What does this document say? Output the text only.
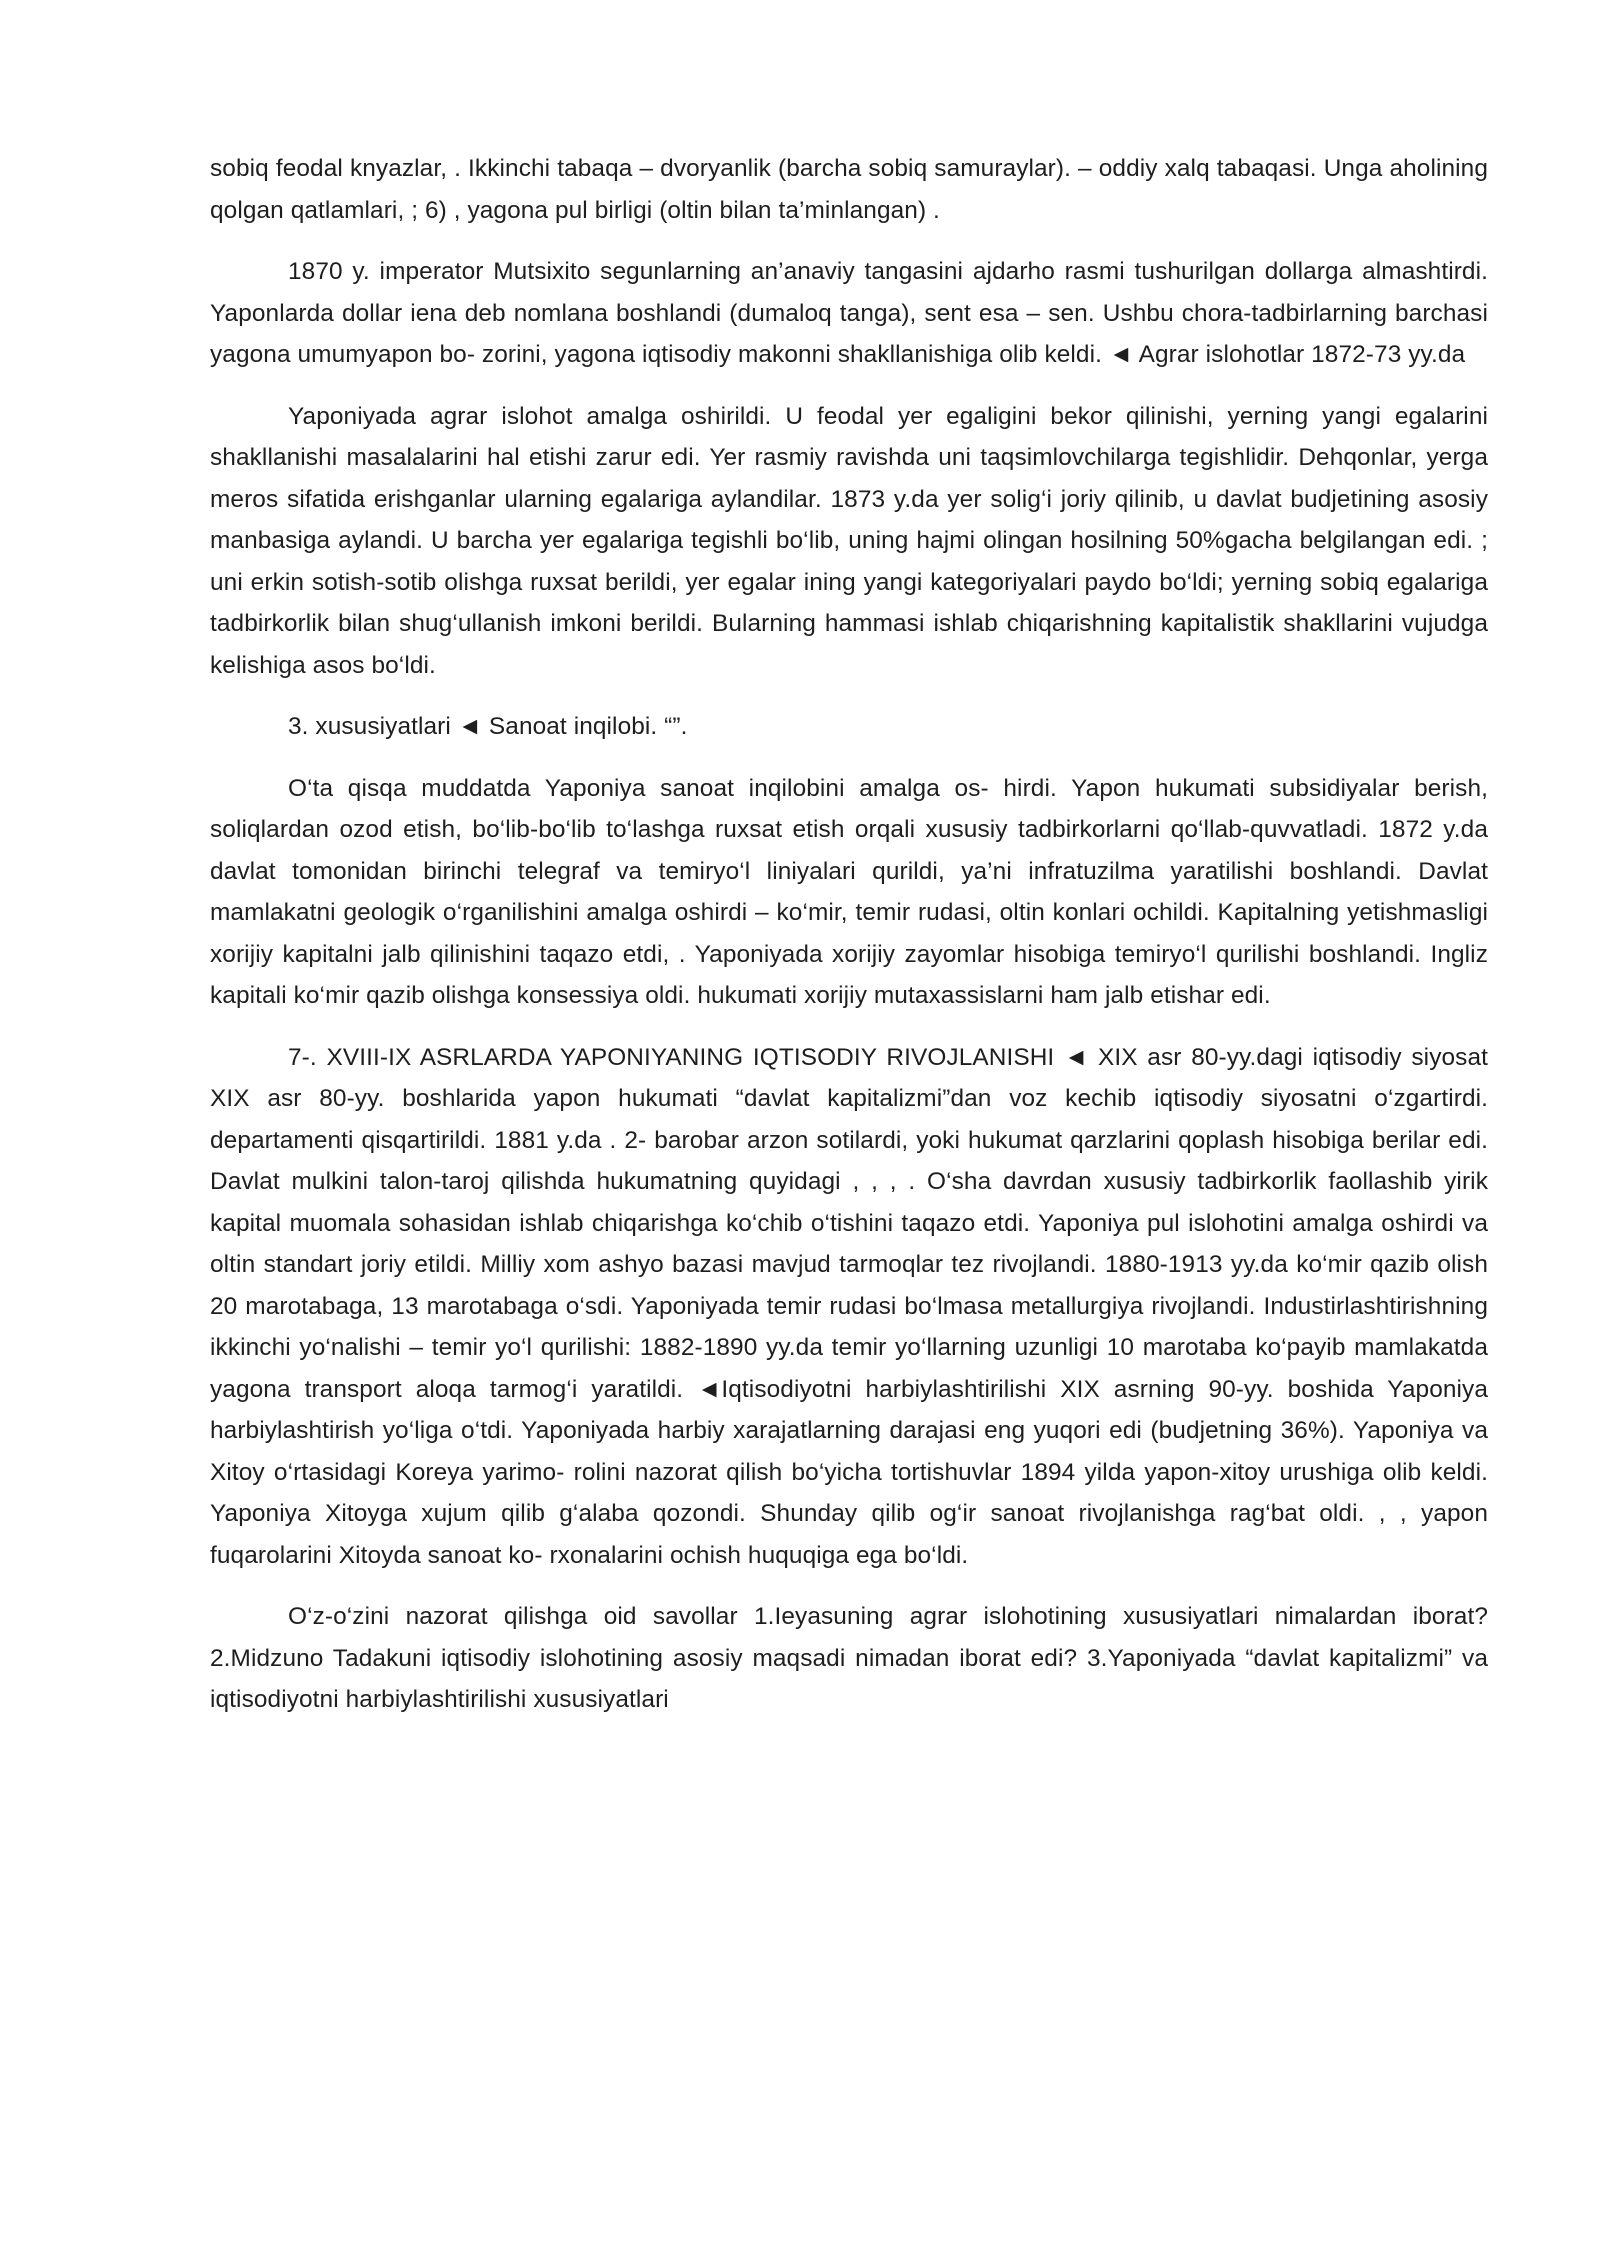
sobiq feodal knyazlar, . Ikkinchi tabaqa – dvoryanlik (barcha sobiq samuraylar). – oddiy xalq tabaqasi. Unga aholining qolgan qatlamlari, ; 6) , yagona pul birligi (oltin bilan ta’minlangan) .

1870 y. imperator Mutsixito segunlarning an’anaviy tangasini ajdarho rasmi tushurilgan dollarga almashtirdi. Yaponlarda dollar iena deb nomlana boshlandi (dumaloq tanga), sent esa – sen. Ushbu chora-tadbirlarning barchasi yagona umumyapon bo- zorini, yagona iqtisodiy makonni shakllanishiga olib keldi. ◄ Agrar islohotlar 1872-73 yy.da

Yaponiyada agrar islohot amalga oshirildi. U feodal yer egaligini bekor qilinishi, yerning yangi egalarini shakllanishi masalalarini hal etishi zarur edi. Yer rasmiy ravishda uni taqsimlovchilarga tegishlidir. Dehqonlar, yerga meros sifatida erishganlar ularning egalariga aylandilar. 1873 y.da yer solig‘i joriy qilinib, u davlat budjetining asosiy manbasiga aylandi. U barcha yer egalariga tegishli bo‘lib, uning hajmi olingan hosilning 50%gacha belgilangan edi. ; uni erkin sotish-sotib olishga ruxsat berildi, yer egalar ining yangi kategoriyalari paydo bo‘ldi; yerning sobiq egalariga tadbirkorlik bilan shug‘ullanish imkoni berildi. Bularning hammasi ishlab chiqarishning kapitalistik shakllarini vujudga kelishiga asos bo‘ldi.

3. xususiyatlari ◄ Sanoat inqilobi. “”.

O‘ta qisqa muddatda Yaponiya sanoat inqilobini amalga os- hirdi. Yapon hukumati subsidiyalar berish, soliqlardan ozod etish, bo‘lib-bo‘lib to‘lashga ruxsat etish orqali xususiy tadbirkorlarni qo‘llab-quvvatladi. 1872 y.da davlat tomonidan birinchi telegraf va temiryo‘l liniyalari qurildi, ya’ni infratuzilma yaratilishi boshlandi. Davlat mamlakatni geologik o‘rganilishini amalga oshirdi – ko‘mir, temir rudasi, oltin konlari ochildi. Kapitalning yetishmasligi xorijiy kapitalni jalb qilinishini taqazo etdi, . Yaponiyada xorijiy zayomlar hisobiga temiryo‘l qurilishi boshlandi. Ingliz kapitali ko‘mir qazib olishga konsessiya oldi. hukumati xorijiy mutaxassislarni ham jalb etishar edi.

7-. XVIII-IX ASRLARDA YAPONIYANING IQTISODIY RIVOJLANISHI ◄ XIX asr 80-yy.dagi iqtisodiy siyosat XIX asr 80-yy. boshlarida yapon hukumati “davlat kapitalizmi”dan voz kechib iqtisodiy siyosatni o‘zgartirdi. departamenti qisqartirildi. 1881 y.da . 2- barobar arzon sotilardi, yoki hukumat qarzlarini qoplash hisobiga berilar edi. Davlat mulkini talon-taroj qilishda hukumatning quyidagi , , , . O‘sha davrdan xususiy tadbirkorlik faollashib yirik kapital muomala sohasidan ishlab chiqarishga ko‘chib o‘tishini taqazo etdi. Yaponiya pul islohotini amalga oshirdi va oltin standart joriy etildi. Milliy xom ashyo bazasi mavjud tarmoqlar tez rivojlandi. 1880-1913 yy.da ko‘mir qazib olish 20 marotabaga, 13 marotabaga o‘sdi. Yaponiyada temir rudasi bo‘lmasa metallurgiya rivojlandi. Industirlashtirishning ikkinchi yo‘nalishi – temir yo‘l qurilishi: 1882-1890 yy.da temir yo‘llarning uzunligi 10 marotaba ko‘payib mamlakatda yagona transport aloqa tarmog‘i yaratildi. ◄Iqtisodiyotni harbiylashtirilishi XIX asrning 90-yy. boshida Yaponiya harbiylashtirish yo‘liga o‘tdi. Yaponiyada harbiy xarajatlarning darajasi eng yuqori edi (budjetning 36%). Yaponiya va Xitoy o‘rtasidagi Koreya yarimo- rolini nazorat qilish bo‘yicha tortishuvlar 1894 yilda yapon-xitoy urushiga olib keldi. Yaponiya Xitoyga xujum qilib g‘alaba qozondi. Shunday qilib og‘ir sanoat rivojlanishga rag‘bat oldi. , , yapon fuqarolarini Xitoyda sanoat ko- rxonalarini ochish huquqiga ega bo‘ldi.

O‘z-o‘zini nazorat qilishga oid savollar 1.Ieyasuning agrar islohotining xususiyatlari nimalardan iborat? 2.Midzuno Tadakuni iqtisodiy islohotining asosiy maqsadi nimadan iborat edi? 3.Yaponiyada “davlat kapitalizmi” va iqtisodiyotni harbiylashtirilishi xususiyatlari
